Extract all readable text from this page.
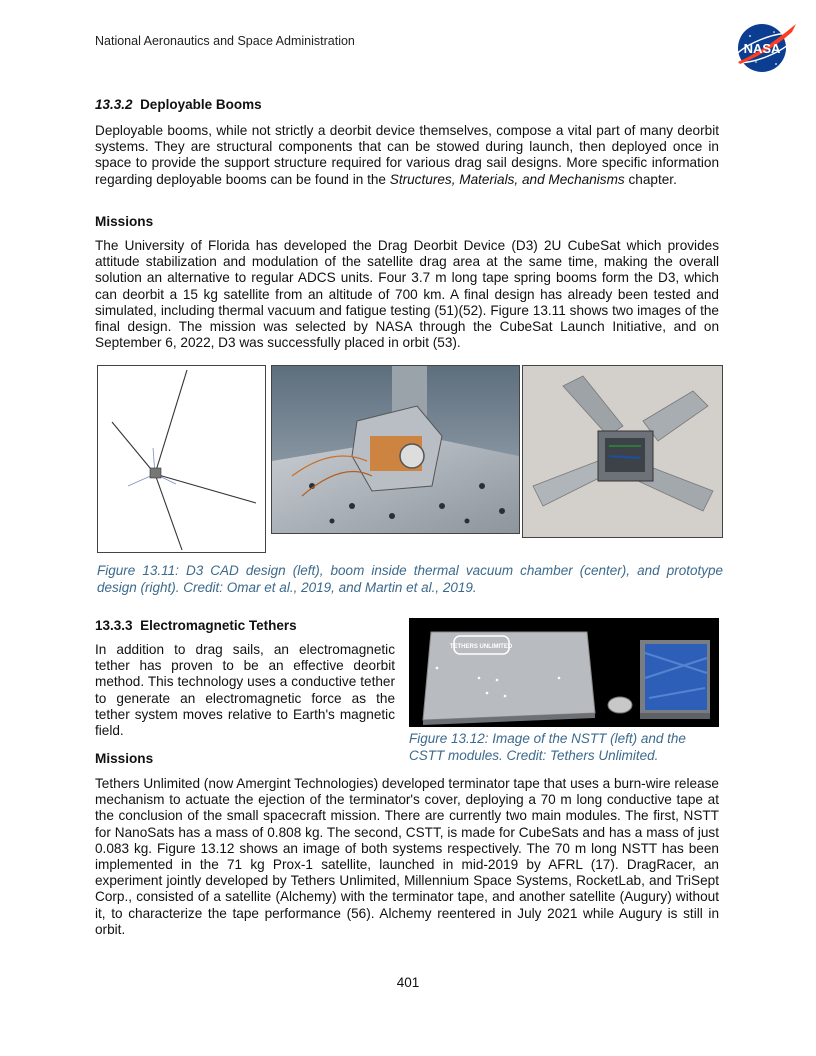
National Aeronautics and Space Administration	NASA
13.3.2 Deployable Booms

Deployable booms, while not strictly a deorbit device themselves, compose a vital part of many deorbit systems. They are structural components that can be stowed during launch, then deployed once in space to provide the support structure required for various drag sail designs. More specific information regarding deployable booms can be found in the Structures, Materials, and Mechanisms chapter.

Missions

The University of Florida has developed the Drag Deorbit Device (D3) 2U CubeSat which provides attitude stabilization and modulation of the satellite drag area at the same time, making the overall solution an alternative to regular ADCS units. Four 3.7 m long tape spring booms form the D3, which can deorbit a 15 kg satellite from an altitude of 700 km. A final design has already been tested and simulated, including thermal vacuum and fatigue testing (51)(52). Figure 13.11 shows two images of the final design. The mission was selected by NASA through the CubeSat Launch Initiative, and on September 6, 2022, D3 was successfully placed in orbit (53).

Figure 13.11: D3 CAD design (left), boom inside thermal vacuum chamber (center), and prototype design (right). Credit: Omar et al., 2019, and Martin et al., 2019.

13.3.3 Electromagnetic Tethers

In addition to drag sails, an electromagnetic tether has proven to be an effective deorbit method. This technology uses a conductive tether to generate an electromagnetic force as the tether system moves relative to Earth's magnetic field.

Missions
TETHERS UNLIMITED

Figure 13.12: Image of the NSTT (left) and the CSTT modules. Credit: Tethers Unlimited.

Tethers Unlimited (now Amergint Technologies) developed terminator tape that uses a burn-wire release mechanism to actuate the ejection of the terminator's cover, deploying a 70 m long conductive tape at the conclusion of the small spacecraft mission. There are currently two main modules. The first, NSTT for NanoSats has a mass of 0.808 kg. The second, CSTT, is made for CubeSats and has a mass of just 0.083 kg. Figure 13.12 shows an image of both systems respectively. The 70 m long NSTT has been implemented in the 71 kg Prox-1 satellite, launched in mid-2019 by AFRL (17). DragRacer, an experiment jointly developed by Tethers Unlimited, Millennium Space Systems, RocketLab, and TriSept Corp., consisted of a satellite (Alchemy) with the terminator tape, and another satellite (Augury) without it, to characterize the tape performance (56). Alchemy reentered in July 2021 while Augury is still in orbit.

401
